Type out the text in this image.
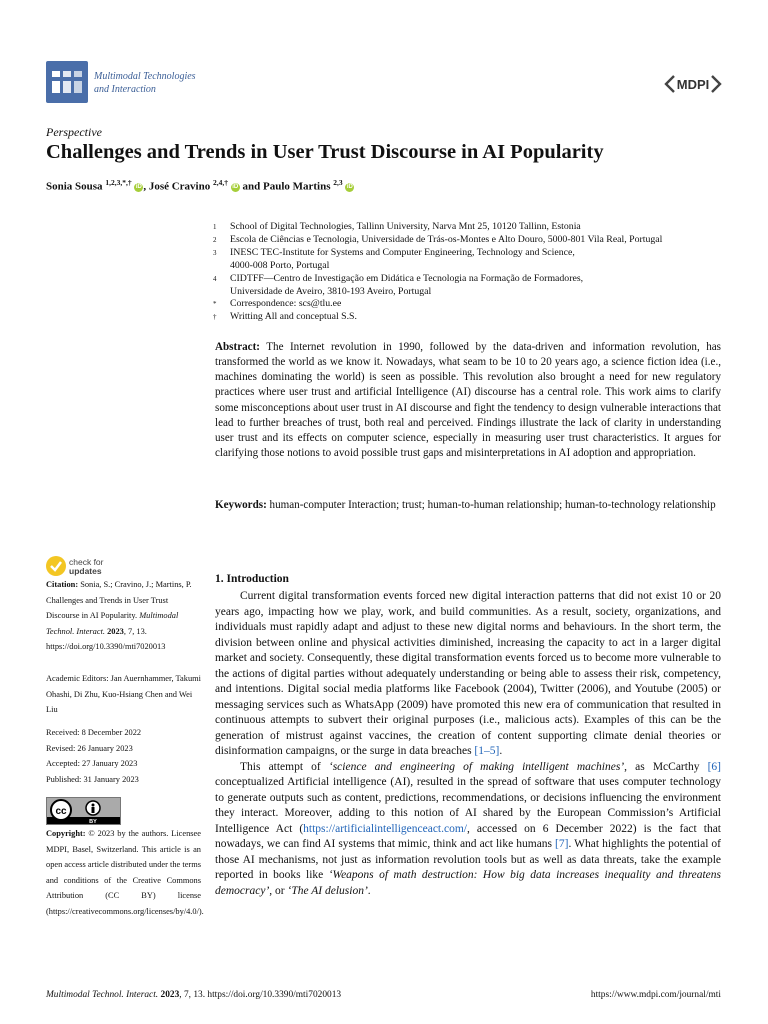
Multimodal Technologies
and Interaction	MDPI
Perspective
Challenges and Trends in User Trust Discourse in AI Popularity
Sonia Sousa $^{1,2,3,*,\dagger}$ iD , José Cravino $^{2,4,\dagger}$ iD and Paulo Martins $^{2,3}$ iD
1	School of Digital Technologies, Tallinn University, Narva Mnt 25, 10120 Tallinn, Estonia
2	Escola de Ciências e Tecnologia, Universidade de Trás-os-Montes e Alto Douro, 5000-801 Vila Real, Portugal
3	INESC TEC-Institute for Systems and Computer Engineering, Technology and Science,
4000-008 Porto, Portugal
4	CIDTFF—Centro de Investigação em Didática e Tecnologia na Formação de Formadores,
Universidade de Aveiro, 3810-193 Aveiro, Portugal
*	Correspondence: scs@tlu.ee
†	Writting All and conceptual S.S.
Abstract: The Internet revolution in 1990, followed by the data-driven and information revolution, has transformed the world as we know it. Nowadays, what seam to be 10 to 20 years ago, a science fiction idea (i.e., machines dominating the world) is seen as possible. This revolution also brought a need for new regulatory practices where user trust and artificial Intelligence (AI) discourse has a central role. This work aims to clarify some misconceptions about user trust in AI discourse and fight the tendency to design vulnerable interactions that lead to further breaches of trust, both real and perceived. Findings illustrate the lack of clarity in understanding user trust and its effects on computer science, especially in measuring user trust characteristics. It argues for clarifying those notions to avoid possible trust gaps and misinterpretations in AI adoption and appropriation.
Keywords: human-computer Interaction; trust; human-to-human relationship; human-to-technology relationship
check for
updates
Citation: Sonia, S.; Cravino, J.; Martins, P. Challenges and Trends in User Trust Discourse in AI Popularity. Multimodal Technol. Interact. 2023, 7, 13. https://doi.org/10.3390/mti7020013
Academic Editors: Jan Auernhammer, Takumi Ohashi, Di Zhu, Kuo-Hsiang Chen and Wei Liu
Received: 8 December 2022
Revised: 26 January 2023
Accepted: 27 January 2023
Published: 31 January 2023
cc
BY
Copyright: © 2023 by the authors. Licensee MDPI, Basel, Switzerland. This article is an open access article distributed under the terms and conditions of the Creative Commons Attribution (CC BY) license (https://creativecommons.org/licenses/by/4.0/).
1. Introduction

Current digital transformation events forced new digital interaction patterns that did not exist 10 or 20 years ago, impacting how we play, work, and build communities. As a result, society, organizations, and individuals must rapidly adapt and adjust to these new digital norms and behaviours. In the short term, the division between online and physical activities diminished, increasing the capacity to act in a larger digital market and society. Consequently, these digital transformation events forced us to become more vulnerable to the actions of digital parties without adequately understanding or being able to assess their risk, competency, and intentions. Digital social media platforms like Facebook (2004), Twitter (2006), and Youtube (2005) or messaging services such as WhatsApp (2009) have promoted this new era of communication that resulted in continuous attempts to subvert their original purposes (i.e., malicious acts). Examples of this can be the generation of mistrust against vaccines, the creation of content supporting climate denial theories or disinformation campaigns, or the surge in data breaches [1–5].

This attempt of ‘science and engineering of making intelligent machines’, as McCarthy [6] conceptualized Artificial intelligence (AI), resulted in the spread of software that uses computer technology to generate outputs such as content, predictions, recommendations, or decisions influencing the environment they interact. Moreover, adding to this notion of AI shared by the European Commission’s Artificial Intelligence Act (https://artificialintelligenceact.com/, accessed on 6 December 2022) is the fact that nowadays, we can find AI systems that mimic, think and act like humans [7]. What highlights the potential of those AI mechanisms, not just as information revolution tools but as well as data threats, take the example reported in books like ‘Weapons of math destruction: How big data increases inequality and threatens democracy’, or ‘The AI delusion’.

Multimodal Technol. Interact. 2023, 7, 13. https://doi.org/10.3390/mti7020013	https://www.mdpi.com/journal/mti
